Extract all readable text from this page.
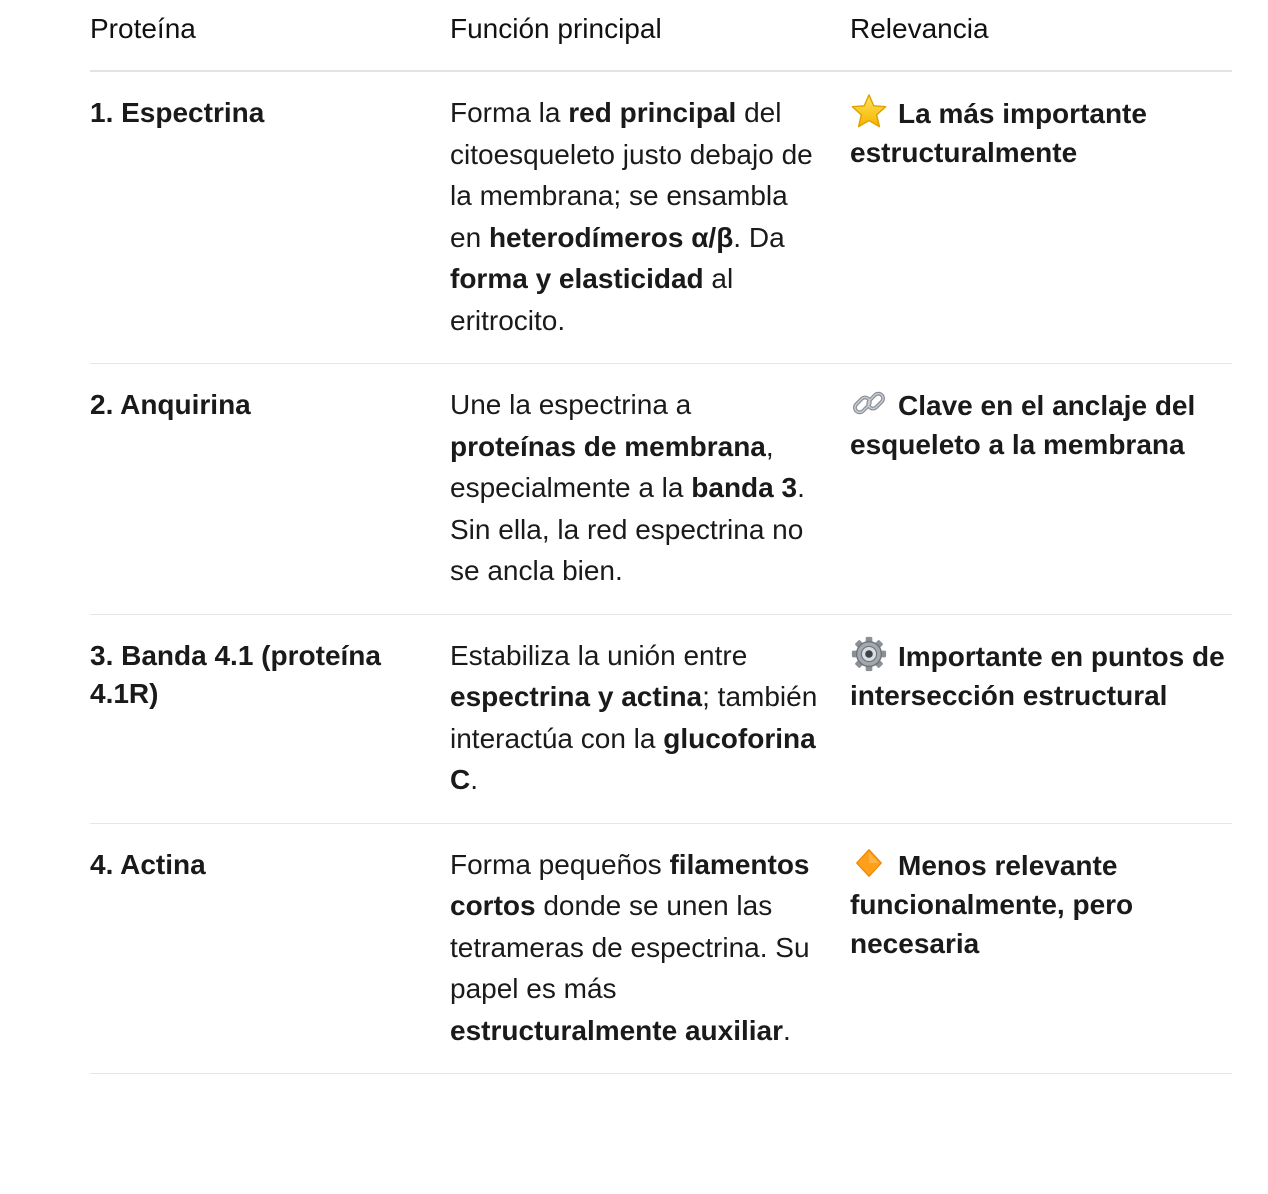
Proteína	Función principal	Relevancia
1. Espectrina	Forma la red principal del citoesqueleto justo debajo de la membrana; se ensambla en heterodímeros α/β. Da forma y elasticidad al eritrocito.	La más importante estructuralmente
2. Anquirina	Une la espectrina a proteínas de membrana, especialmente a la banda 3. Sin ella, la red espectrina no se ancla bien.	Clave en el anclaje del esqueleto a la membrana
3. Banda 4.1 (proteína 4.1R)	Estabiliza la unión entre espectrina y actina; también interactúa con la glucoforina C.	Importante en puntos de intersección estructural
4. Actina	Forma pequeños filamentos cortos donde se unen las tetrameras de espectrina. Su papel es más estructuralmente auxiliar.	Menos relevante funcionalmente, pero necesaria
